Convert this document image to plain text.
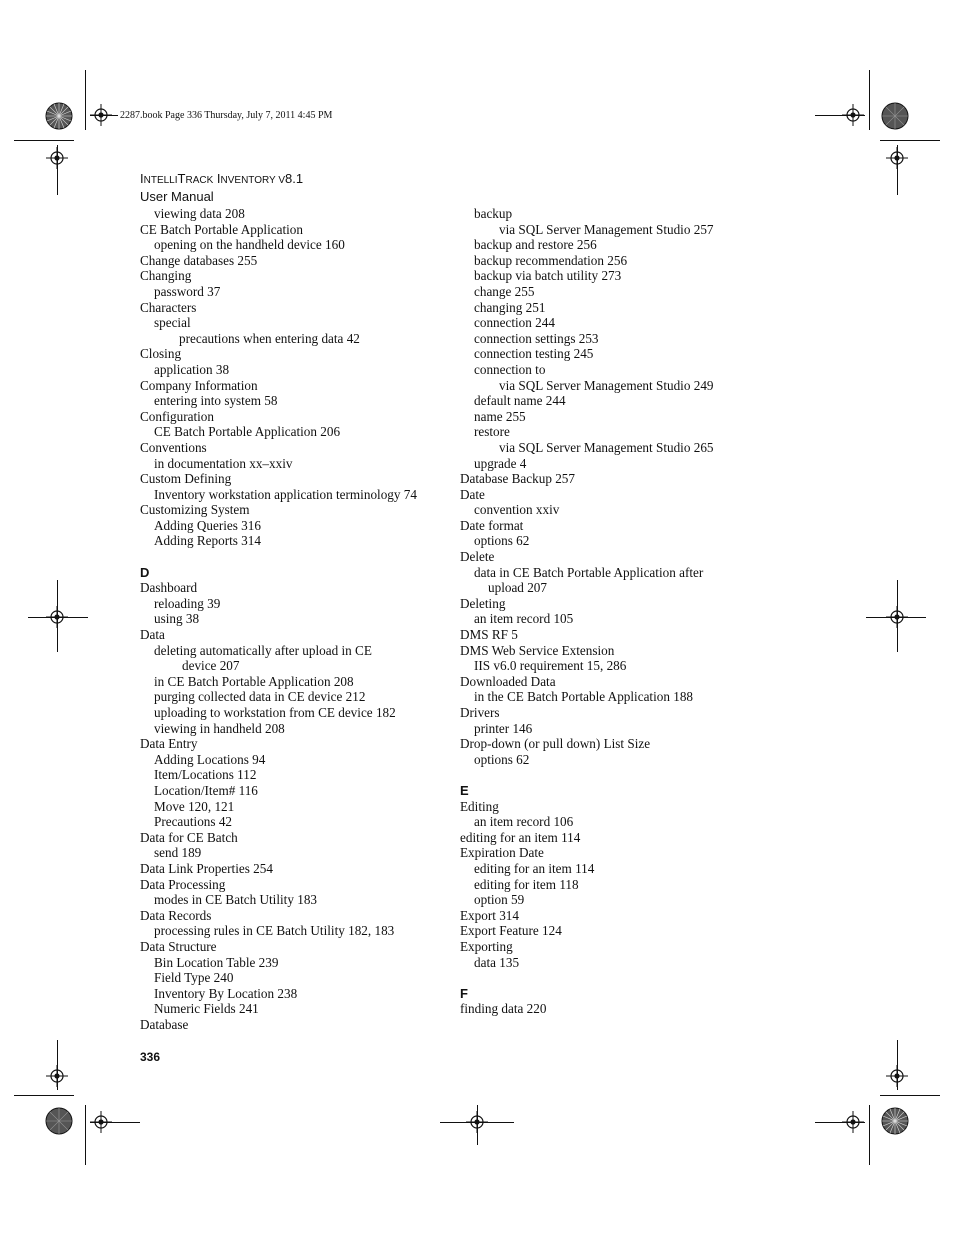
2287.book Page 336 Thursday, July 7, 2011 4:45 PM
INTELLITRACK INVENTORY V8.1
User Manual
viewing data 208
CE Batch Portable Application
opening on the handheld device 160
Change databases 255
Changing
password 37
Characters
special
precautions when entering data 42
Closing
application 38
Company Information
entering into system 58
Configuration
CE Batch Portable Application 206
Conventions
in documentation xx–xxiv
Custom Defining
Inventory workstation application terminology 74
Customizing System
Adding Queries 316
Adding Reports 314
D
Dashboard
reloading 39
using 38
Data
deleting automatically after upload in CE
device 207
in CE Batch Portable Application 208
purging collected data in CE device 212
uploading to workstation from CE device 182
viewing in handheld 208
Data Entry
Adding Locations 94
Item/Locations 112
Location/Item# 116
Move 120, 121
Precautions 42
Data for CE Batch
send 189
Data Link Properties 254
Data Processing
modes in CE Batch Utility 183
Data Records
processing rules in CE Batch Utility 182, 183
Data Structure
Bin Location Table 239
Field Type 240
Inventory By Location 238
Numeric Fields 241
Database
backup
via SQL Server Management Studio 257
backup and restore 256
backup recommendation 256
backup via batch utility 273
change 255
changing 251
connection 244
connection settings 253
connection testing 245
connection to
via SQL Server Management Studio 249
default name 244
name 255
restore
via SQL Server Management Studio 265
upgrade 4
Database Backup 257
Date
convention xxiv
Date format
options 62
Delete
data in CE Batch Portable Application after
upload 207
Deleting
an item record 105
DMS RF 5
DMS Web Service Extension
IIS v6.0 requirement 15, 286
Downloaded Data
in the CE Batch Portable Application 188
Drivers
printer 146
Drop-down (or pull down) List Size
options 62
E
Editing
an item record 106
editing for an item 114
Expiration Date
editing for an item 114
editing for item 118
option 59
Export 314
Export Feature 124
Exporting
data 135
F
finding data 220
336
